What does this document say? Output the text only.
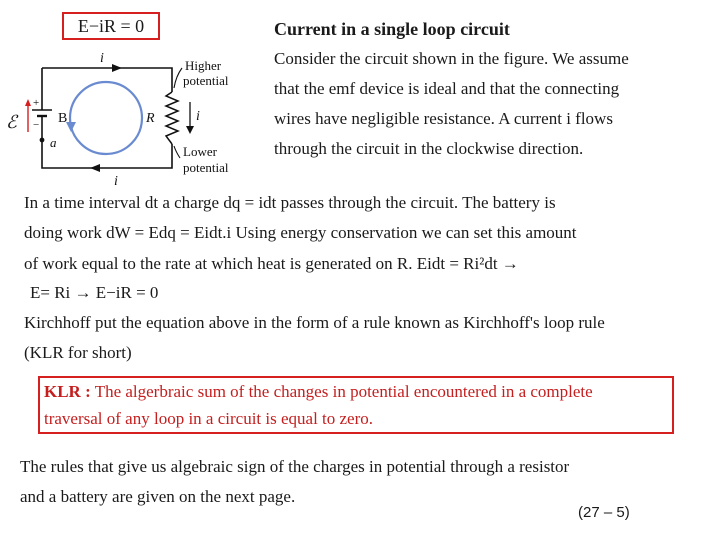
E−iR = 0
i
i
Higher
potential
Lower
potential
R	i
B
ℰ
a
+
−
Current in a single loop circuit
Consider the circuit shown in the figure. We assume
that the emf device is ideal and that the connecting
wires have negligible resistance. A current i flows
through the circuit in the clockwise direction.
In a time interval dt a charge dq = idt passes through the circuit. The battery is
doing work dW = Edq = Eidt.i Using energy conservation we can set this amount
of work equal to the rate at which heat is generated on R. Eidt = Ri²dt →
E= Ri → E−iR = 0
Kirchhoff put the equation above in the form of a rule known as Kirchhoff's loop rule
(KLR for short)
KLR : The algerbraic sum of the changes in potential encountered in a complete
traversal of any loop in a circuit is equal to zero.
The rules that give us algebraic sign of the charges in potential through a resistor
and a battery are given on the next page.
(27 – 5)
